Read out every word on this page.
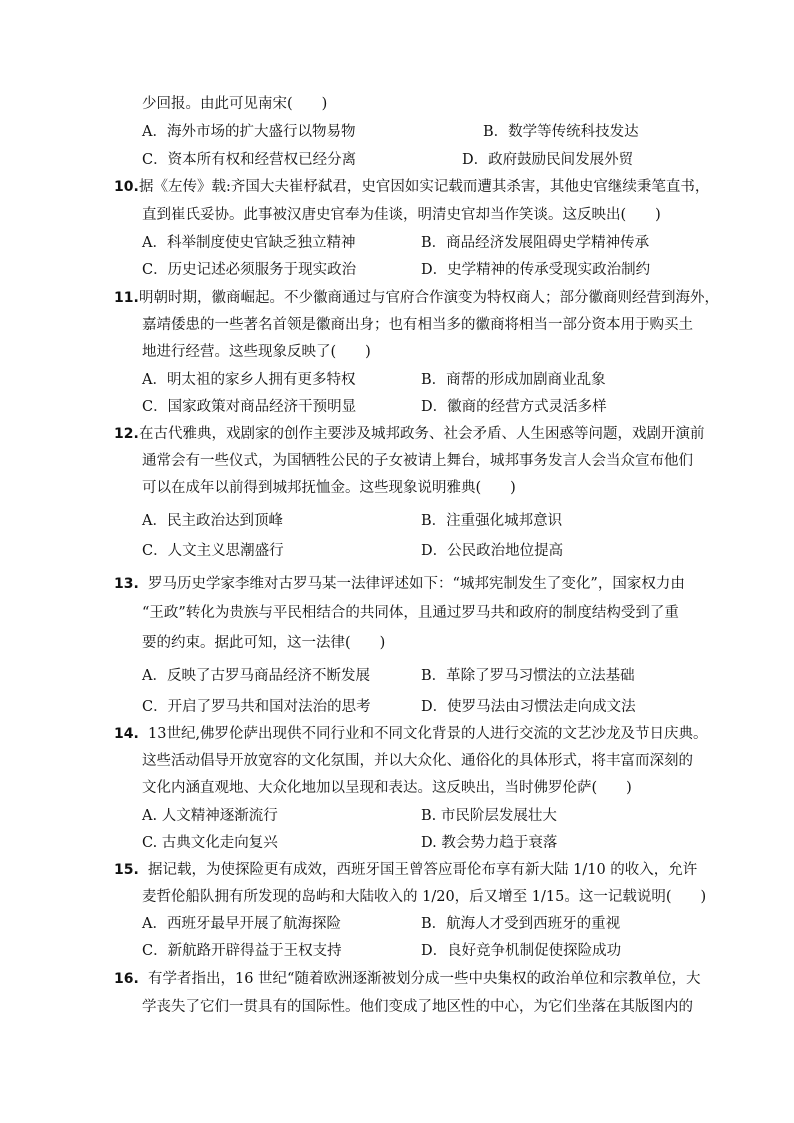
少回报。由此可见南宋(　　)
A．海外市场的扩大盛行以物易物	B．数学等传统科技发达
C．资本所有权和经营权已经分离	D．政府鼓励民间发展外贸
10. 据《左传》载:齐国大夫崔杼弑君，史官因如实记载而遭其杀害，其他史官继续秉笔直书，
直到崔氏妥协。此事被汉唐史官奉为佳谈，明清史官却当作笑谈。这反映出(　　)
A．科举制度使史官缺乏独立精神	B．商品经济发展阻碍史学精神传承
C．历史记述必须服务于现实政治	D．史学精神的传承受现实政治制约
11. 明朝时期，徽商崛起。不少徽商通过与官府合作演变为特权商人；部分徽商则经营到海外，
嘉靖倭患的一些著名首领是徽商出身；也有相当多的徽商将相当一部分资本用于购买土
地进行经营。这些现象反映了(　　)
A．明太祖的家乡人拥有更多特权	B．商帮的形成加剧商业乱象
C．国家政策对商品经济干预明显	D．徽商的经营方式灵活多样
12. 在古代雅典，戏剧家的创作主要涉及城邦政务、社会矛盾、人生困惑等问题，戏剧开演前
通常会有一些仪式，为国牺牲公民的子女被请上舞台，城邦事务发言人会当众宣布他们
可以在成年以前得到城邦抚恤金。这些现象说明雅典(　　)
A．民主政治达到顶峰	B．注重强化城邦意识
C．人文主义思潮盛行	D．公民政治地位提高
13. 罗马历史学家李维对古罗马某一法律评述如下：“城邦宪制发生了变化”，国家权力由
“王政”转化为贵族与平民相结合的共同体，且通过罗马共和政府的制度结构受到了重
要的约束。据此可知，这一法律(　　)
A．反映了古罗马商品经济不断发展	B．革除了罗马习惯法的立法基础
C．开启了罗马共和国对法治的思考	D．使罗马法由习惯法走向成文法
14. 13世纪,佛罗伦萨出现供不同行业和不同文化背景的人进行交流的文艺沙龙及节日庆典。
这些活动倡导开放宽容的文化氛围，并以大众化、通俗化的具体形式，将丰富而深刻的
文化内涵直观地、大众化地加以呈现和表达。这反映出，当时佛罗伦萨(　　)
A. 人文精神逐渐流行	B. 市民阶层发展壮大
C. 古典文化走向复兴	D. 教会势力趋于衰落
15. 据记载，为使探险更有成效，西班牙国王曾答应哥伦布享有新大陆 1/10 的收入，允许
麦哲伦船队拥有所发现的岛屿和大陆收入的 1/20，后又增至 1/15。这一记载说明(　　)
A．西班牙最早开展了航海探险	B．航海人才受到西班牙的重视
C．新航路开辟得益于王权支持	D．良好竞争机制促使探险成功
16. 有学者指出，16 世纪“随着欧洲逐渐被划分成一些中央集权的政治单位和宗教单位，大
学丧失了它们一贯具有的国际性。他们变成了地区性的中心，为它们坐落在其版图内的
